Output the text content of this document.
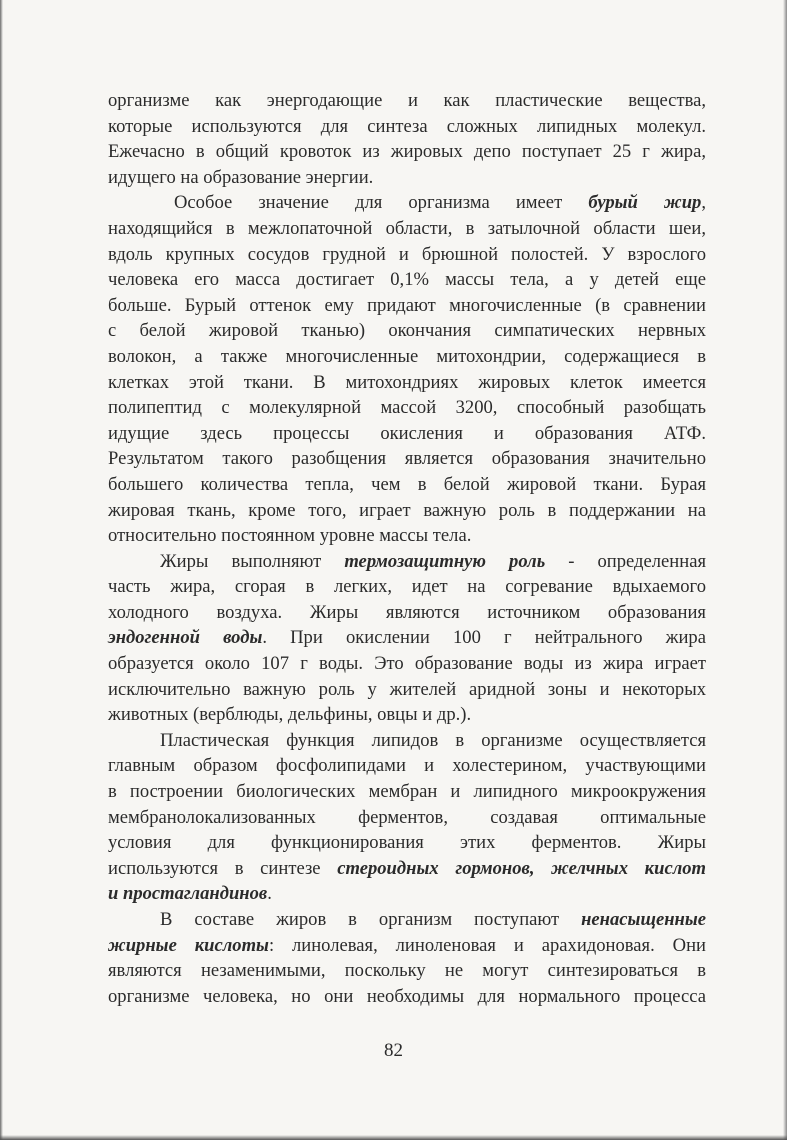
организме как энергодающие и как пластические вещества,

которые используются для синтеза сложных липидных молекул.

Ежечасно в общий кровоток из жировых депо поступает 25 г жира,

идущего на образование энергии.

Особое значение для организма имеет бурый жир,

находящийся в межлопаточной области, в затылочной области шеи,

вдоль крупных сосудов грудной и брюшной полостей. У взрослого

человека его масса достигает 0,1% массы тела, а у детей еще

больше. Бурый оттенок ему придают многочисленные (в сравнении

с белой жировой тканью) окончания симпатических нервных

волокон, а также многочисленные митохондрии, содержащиеся в

клетках этой ткани. В митохондриях жировых клеток имеется

полипептид с молекулярной массой 3200, способный разобщать

идущие здесь процессы окисления и образования АТФ.

Результатом такого разобщения является образования значительно

большего количества тепла, чем в белой жировой ткани. Бурая

жировая ткань, кроме того, играет важную роль в поддержании на

относительно постоянном уровне массы тела.

Жиры выполняют термозащитную роль - определенная

часть жира, сгорая в легких, идет на согревание вдыхаемого

холодного воздуха. Жиры являются источником образования

эндогенной воды. При окислении 100 г нейтрального жира

образуется около 107 г воды. Это образование воды из жира играет

исключительно важную роль у жителей аридной зоны и некоторых

животных (верблюды, дельфины, овцы и др.).

Пластическая функция липидов в организме осуществляется

главным образом фосфолипидами и холестерином, участвующими

в построении биологических мембран и липидного микроокружения

мембранолокализованных ферментов, создавая оптимальные

условия для функционирования этих ферментов. Жиры

используются в синтезе стероидных гормонов, желчных кислот

и простагландинов.

В составе жиров в организм поступают ненасыщенные

жирные кислоты: линолевая, линоленовая и арахидоновая. Они

являются незаменимыми, поскольку не могут синтезироваться в

организме человека, но они необходимы для нормального процесса

82
